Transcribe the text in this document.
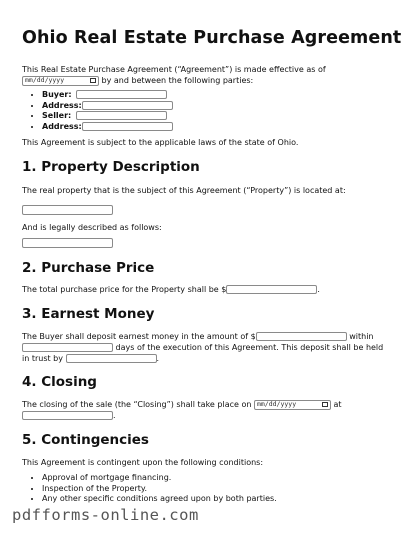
Ohio Real Estate Purchase Agreement

This Real Estate Purchase Agreement (“Agreement”) is made effective as of

mm/dd/yyyy	by and between the following parties:

• Buyer:
• Address:
• Seller:
• Address:

This Agreement is subject to the applicable laws of the state of Ohio.

1. Property Description

The real property that is the subject of this Agreement (“Property”) is located at:

And is legally described as follows:

2. Purchase Price

The total purchase price for the Property shall be $	.

3. Earnest Money

The Buyer shall deposit earnest money in the amount of $	within
days of the execution of this Agreement. This deposit shall be held
in trust by	.

4. Closing

The closing of the sale (the “Closing”) shall take place on mm/dd/yyyy	at
.

5. Contingencies

This Agreement is contingent upon the following conditions:

• Approval of mortgage financing.
• Inspection of the Property.
• Any other specific conditions agreed upon by both parties.
pdfforms-online.com
